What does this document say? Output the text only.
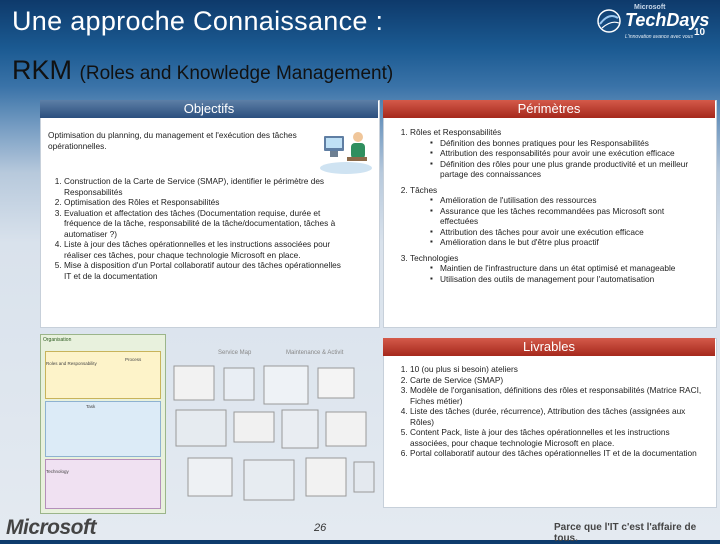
Une approche Connaissance :
RKM (Roles and Knowledge Management)
Microsoft
TechDays
10
L'innovation avance avec vous
Objectifs
Optimisation du planning, du management et l'exécution des tâches opérationnelles.
1. Construction de la Carte de Service (SMAP), identifier le périmètre des Responsabilités
2. Optimisation des Rôles et Responsabilités
3. Evaluation et affectation des tâches (Documentation requise, durée et fréquence de la tâche, responsabilité de la tâche/documentation, tâches à automatiser ?)
4. Liste à jour des tâches opérationnelles et les instructions associées pour réaliser ces tâches, pour chaque technologie Microsoft en place.
5. Mise à disposition d'un Portal collaboratif autour des tâches opérationnelles IT et de la documentation
Périmètres
1. Rôles et Responsabilités
▪ Définition des bonnes pratiques pour les Responsabilités
▪ Attribution des responsabilités pour avoir une exécution efficace
▪ Définition des rôles pour une plus grande productivité et un meilleur partage des connaissances
2. Tâches
▪ Amélioration de l'utilisation des ressources
▪ Assurance que les tâches recommandées pas Microsoft sont effectuées
▪ Attribution des tâches pour avoir une exécution efficace
▪ Amélioration dans le but d'être plus proactif
3. Technologies
▪ Maintien de l'infrastructure dans un état optimisé et manageable
▪ Utilisation des outils de management pour l'automatisation
Organisation
Roles and Responsability
Process
Task
Technology
Service Map	Maintenance & Activit	Livrables
1. 10 (ou plus si besoin) ateliers
2. Carte de Service (SMAP)
3. Modèle de l'organisation, définitions des rôles et responsabilités (Matrice RACI, Fiches métier)
4. Liste des tâches (durée, récurrence), Attribution des tâches (assignées aux Rôles)
5. Content Pack, liste à jour des tâches opérationnelles et les instructions associées, pour chaque technologie Microsoft en place.
6. Portal collaboratif autour des tâches opérationnelles IT et de la documentation
Microsoft	26	Parce que l'IT c'est l'affaire de tous.
